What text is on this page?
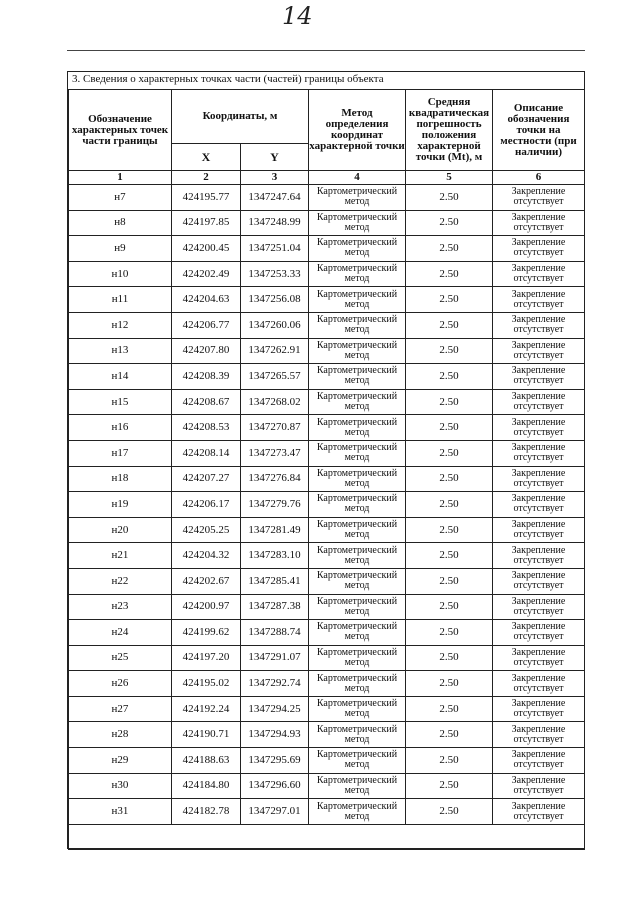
14
3. Сведения о характерных точках части (частей) границы объекта
Обозначение характерных точек части границы	Координаты, м		Метод определения координат характерной точки	Средняя квадратическая погрешность положения характерной точки (Mt), м	Описание обозначения точки на местности (при наличии)
	X	Y			
1	2	3	4	5	6
н7	424195.77	1347247.64	Картометрический метод	2.50	Закрепление отсутствует
н8	424197.85	1347248.99	Картометрический метод	2.50	Закрепление отсутствует
н9	424200.45	1347251.04	Картометрический метод	2.50	Закрепление отсутствует
н10	424202.49	1347253.33	Картометрический метод	2.50	Закрепление отсутствует
н11	424204.63	1347256.08	Картометрический метод	2.50	Закрепление отсутствует
н12	424206.77	1347260.06	Картометрический метод	2.50	Закрепление отсутствует
н13	424207.80	1347262.91	Картометрический метод	2.50	Закрепление отсутствует
н14	424208.39	1347265.57	Картометрический метод	2.50	Закрепление отсутствует
н15	424208.67	1347268.02	Картометрический метод	2.50	Закрепление отсутствует
н16	424208.53	1347270.87	Картометрический метод	2.50	Закрепление отсутствует
н17	424208.14	1347273.47	Картометрический метод	2.50	Закрепление отсутствует
н18	424207.27	1347276.84	Картометрический метод	2.50	Закрепление отсутствует
н19	424206.17	1347279.76	Картометрический метод	2.50	Закрепление отсутствует
н20	424205.25	1347281.49	Картометрический метод	2.50	Закрепление отсутствует
н21	424204.32	1347283.10	Картометрический метод	2.50	Закрепление отсутствует
н22	424202.67	1347285.41	Картометрический метод	2.50	Закрепление отсутствует
н23	424200.97	1347287.38	Картометрический метод	2.50	Закрепление отсутствует
н24	424199.62	1347288.74	Картометрический метод	2.50	Закрепление отсутствует
н25	424197.20	1347291.07	Картометрический метод	2.50	Закрепление отсутствует
н26	424195.02	1347292.74	Картометрический метод	2.50	Закрепление отсутствует
н27	424192.24	1347294.25	Картометрический метод	2.50	Закрепление отсутствует
н28	424190.71	1347294.93	Картометрический метод	2.50	Закрепление отсутствует
н29	424188.63	1347295.69	Картометрический метод	2.50	Закрепление отсутствует
н30	424184.80	1347296.60	Картометрический метод	2.50	Закрепление отсутствует
н31	424182.78	1347297.01	Картометрический метод	2.50	Закрепление отсутствует
